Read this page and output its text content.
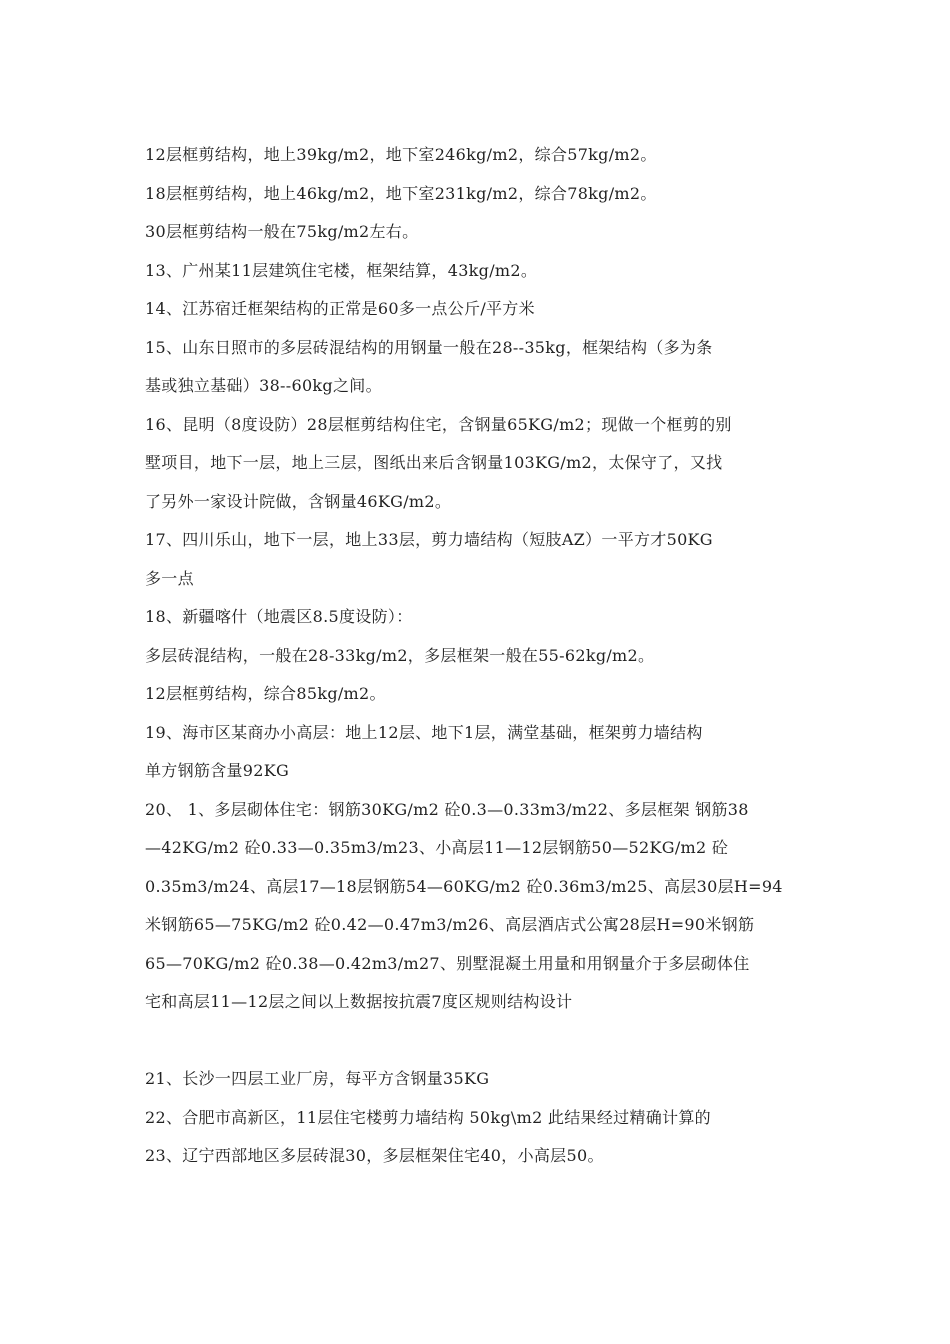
12层框剪结构，地上39kg/m2，地下室246kg/m2，综合57kg/m2。
18层框剪结构，地上46kg/m2，地下室231kg/m2，综合78kg/m2。
30层框剪结构一般在75kg/m2左右。
13、广州某11层建筑住宅楼，框架结算，43kg/m2。
14、江苏宿迁框架结构的正常是60多一点公斤/平方米
15、山东日照市的多层砖混结构的用钢量一般在28--35kg，框架结构（多为条
基或独立基础）38--60kg之间。
16、昆明（8度设防）28层框剪结构住宅，含钢量65KG/m2；现做一个框剪的别
墅项目，地下一层，地上三层，图纸出来后含钢量103KG/m2，太保守了，又找
了另外一家设计院做，含钢量46KG/m2。
17、四川乐山，地下一层，地上33层，剪力墙结构（短肢AZ）一平方才50KG
多一点
18、新疆喀什（地震区8.5度设防）：
多层砖混结构，一般在28-33kg/m2，多层框架一般在55-62kg/m2。
12层框剪结构，综合85kg/m2。
19、海市区某商办小高层：地上12层、地下1层，满堂基础，框架剪力墙结构
单方钢筋含量92KG
20、 1、多层砌体住宅：钢筋30KG/m2 砼0.3—0.33m3/m22、多层框架 钢筋38
—42KG/m2 砼0.33—0.35m3/m23、小高层11—12层钢筋50—52KG/m2 砼
0.35m3/m24、高层17—18层钢筋54—60KG/m2 砼0.36m3/m25、高层30层H=94
米钢筋65—75KG/m2 砼0.42—0.47m3/m26、高层酒店式公寓28层H=90米钢筋
65—70KG/m2 砼0.38—0.42m3/m27、别墅混凝土用量和用钢量介于多层砌体住
宅和高层11—12层之间以上数据按抗震7度区规则结构设计
21、长沙一四层工业厂房，每平方含钢量35KG
22、合肥市高新区，11层住宅楼剪力墙结构 50kg\m2 此结果经过精确计算的
23、辽宁西部地区多层砖混30，多层框架住宅40，小高层50。
